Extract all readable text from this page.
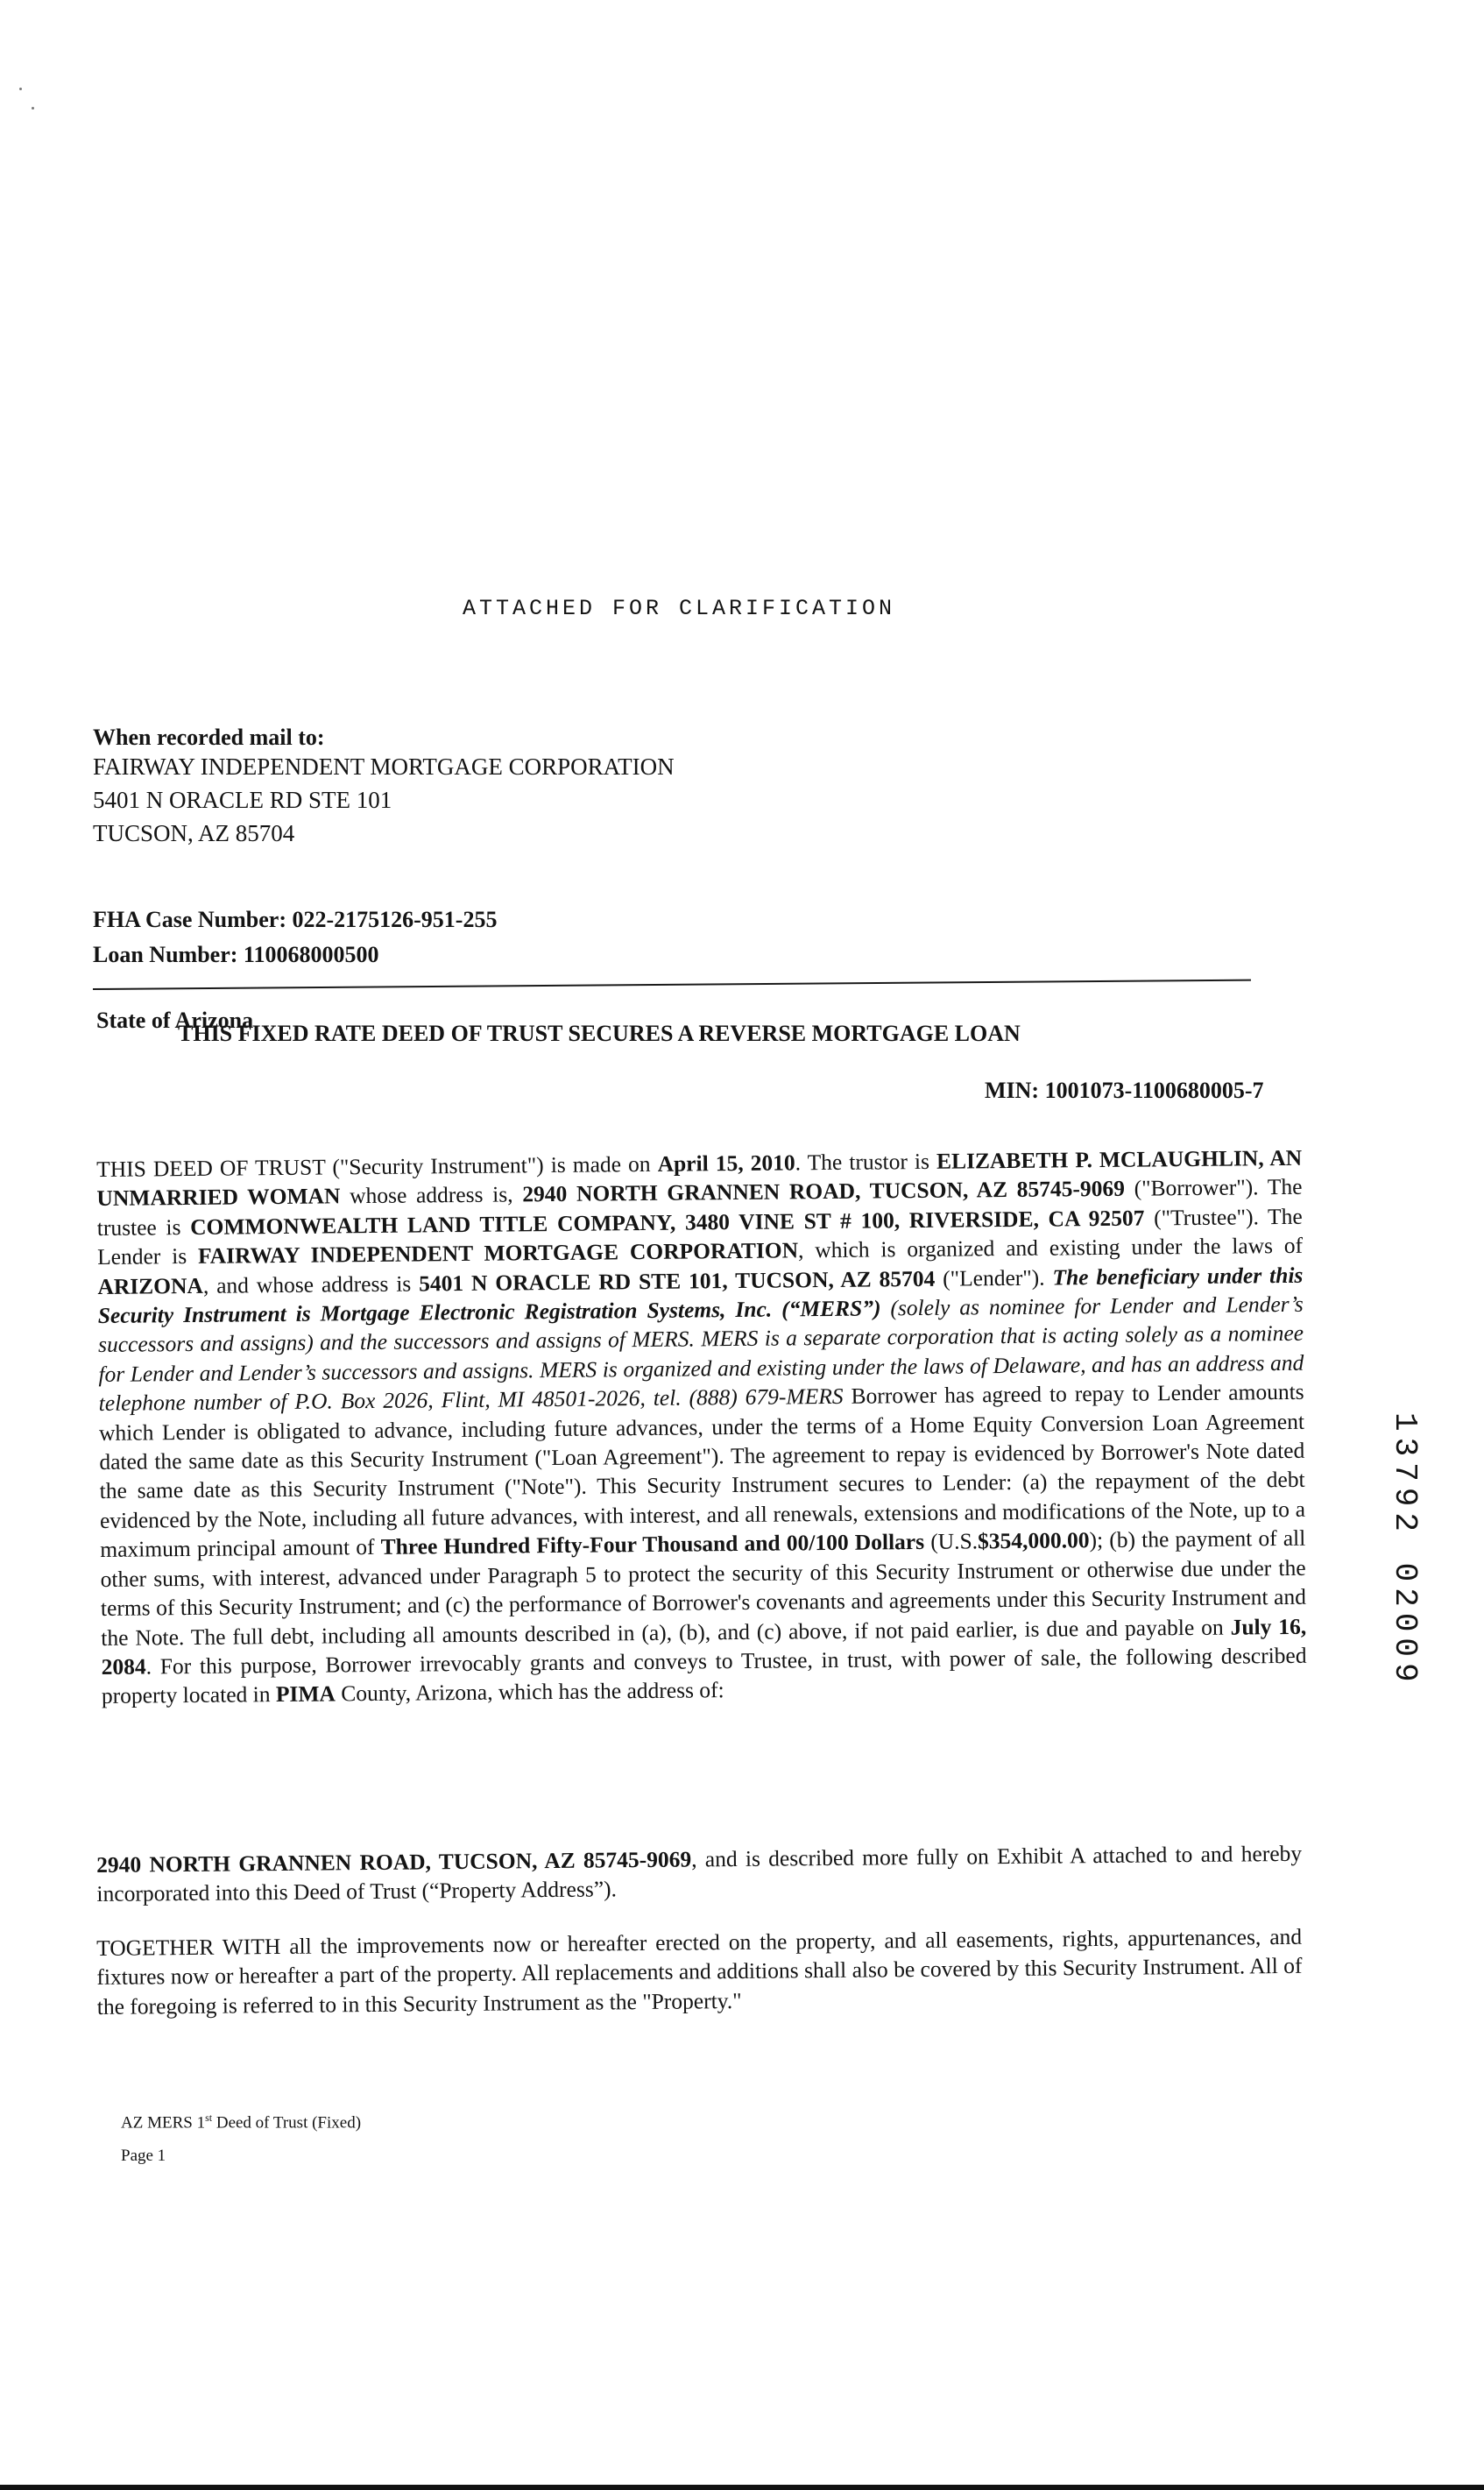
ATTACHED FOR CLARIFICATION
When recorded mail to:
FAIRWAY INDEPENDENT MORTGAGE CORPORATION
5401 N ORACLE RD STE 101
TUCSON, AZ 85704
FHA Case Number: 022-2175126-951-255
Loan Number: 110068000500
State of Arizona
THIS FIXED RATE DEED OF TRUST SECURES A REVERSE MORTGAGE LOAN
MIN: 1001073-1100680005-7
THIS DEED OF TRUST ("Security Instrument") is made on April 15, 2010. The trustor is ELIZABETH P. MCLAUGHLIN, AN UNMARRIED WOMAN whose address is, 2940 NORTH GRANNEN ROAD, TUCSON, AZ 85745-9069 ("Borrower"). The trustee is COMMONWEALTH LAND TITLE COMPANY, 3480 VINE ST # 100, RIVERSIDE, CA 92507 ("Trustee"). The Lender is FAIRWAY INDEPENDENT MORTGAGE CORPORATION, which is organized and existing under the laws of ARIZONA, and whose address is 5401 N ORACLE RD STE 101, TUCSON, AZ 85704 ("Lender"). The beneficiary under this Security Instrument is Mortgage Electronic Registration Systems, Inc. (“MERS”) (solely as nominee for Lender and Lender’s successors and assigns) and the successors and assigns of MERS. MERS is a separate corporation that is acting solely as a nominee for Lender and Lender’s successors and assigns. MERS is organized and existing under the laws of Delaware, and has an address and telephone number of P.O. Box 2026, Flint, MI 48501-2026, tel. (888) 679-MERS Borrower has agreed to repay to Lender amounts which Lender is obligated to advance, including future advances, under the terms of a Home Equity Conversion Loan Agreement dated the same date as this Security Instrument ("Loan Agreement"). The agreement to repay is evidenced by Borrower's Note dated the same date as this Security Instrument ("Note"). This Security Instrument secures to Lender: (a) the repayment of the debt evidenced by the Note, including all future advances, with interest, and all renewals, extensions and modifications of the Note, up to a maximum principal amount of Three Hundred Fifty-Four Thousand and 00/100 Dollars (U.S.$354,000.00); (b) the payment of all other sums, with interest, advanced under Paragraph 5 to protect the security of this Security Instrument or otherwise due under the terms of this Security Instrument; and (c) the performance of Borrower's covenants and agreements under this Security Instrument and the Note. The full debt, including all amounts described in (a), (b), and (c) above, if not paid earlier, is due and payable on July 16, 2084. For this purpose, Borrower irrevocably grants and conveys to Trustee, in trust, with power of sale, the following described property located in PIMA County, Arizona, which has the address of:
2940 NORTH GRANNEN ROAD, TUCSON, AZ 85745-9069, and is described more fully on Exhibit A attached to and hereby incorporated into this Deed of Trust (“Property Address”).
TOGETHER WITH all the improvements now or hereafter erected on the property, and all easements, rights, appurtenances, and fixtures now or hereafter a part of the property. All replacements and additions shall also be covered by this Security Instrument. All of the foregoing is referred to in this Security Instrument as the "Property."
AZ MERS 1st Deed of Trust (Fixed)
Page 1
13792 02009
